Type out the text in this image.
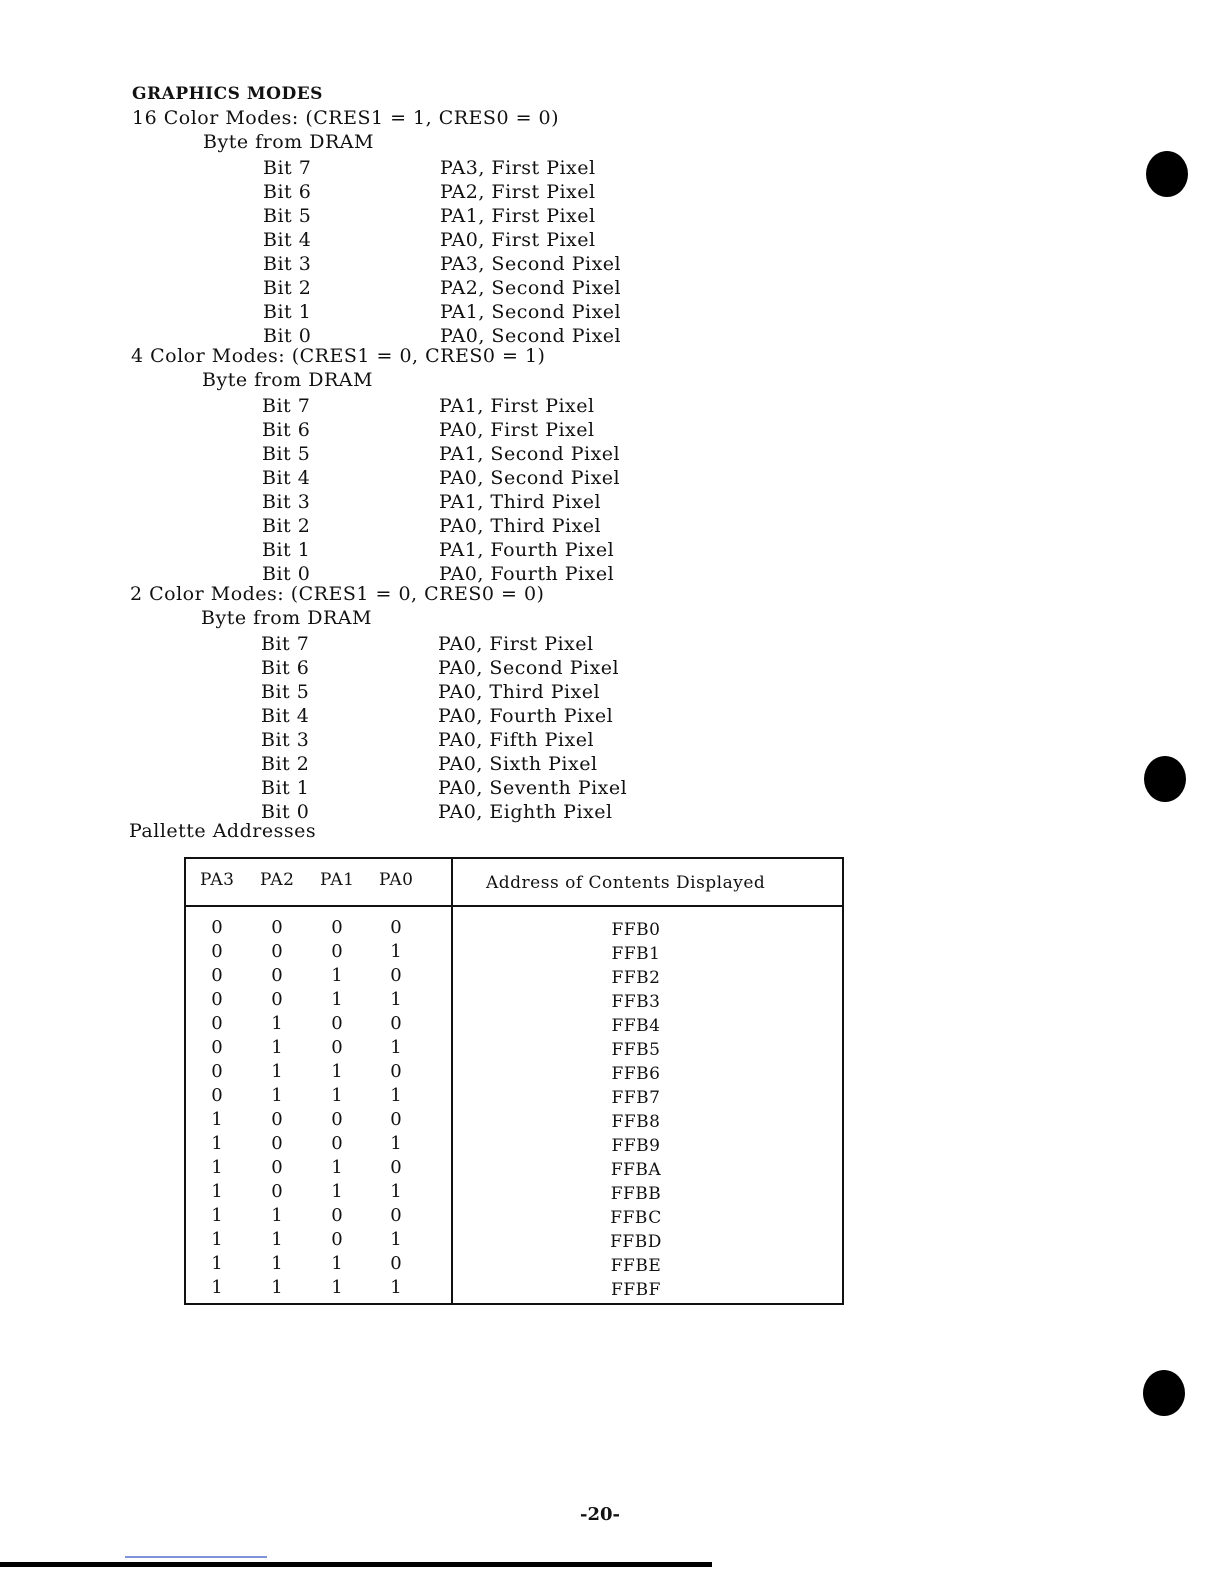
GRAPHICS MODES
16 Color Modes: (CRES1 = 1, CRES0 = 0)
Byte from DRAM
Bit 7	PA3, First Pixel
Bit 6	PA2, First Pixel
Bit 5	PA1, First Pixel
Bit 4	PA0, First Pixel
Bit 3	PA3, Second Pixel
Bit 2	PA2, Second Pixel
Bit 1	PA1, Second Pixel
Bit 0	PA0, Second Pixel
4 Color Modes: (CRES1 = 0, CRES0 = 1)
Byte from DRAM
Bit 7	PA1, First Pixel
Bit 6	PA0, First Pixel
Bit 5	PA1, Second Pixel
Bit 4	PA0, Second Pixel
Bit 3	PA1, Third Pixel
Bit 2	PA0, Third Pixel
Bit 1	PA1, Fourth Pixel
Bit 0	PA0, Fourth Pixel
2 Color Modes: (CRES1 = 0, CRES0 = 0)
Byte from DRAM
Bit 7	PA0, First Pixel
Bit 6	PA0, Second Pixel
Bit 5	PA0, Third Pixel
Bit 4	PA0, Fourth Pixel
Bit 3	PA0, Fifth Pixel
Bit 2	PA0, Sixth Pixel
Bit 1	PA0, Seventh Pixel
Bit 0	PA0, Eighth Pixel
Pallette Addresses
PA3 PA2 PA1 PA0	Address of Contents Displayed
0	0	0	0	FFB0
0	0	0	1	FFB1
0	0	1	0	FFB2
0	0	1	1	FFB3
0	1	0	0	FFB4
0	1	0	1	FFB5
0	1	1	0	FFB6
0	1	1	1	FFB7
1	0	0	0	FFB8
1	0	0	1	FFB9
1	0	1	0	FFBA
1	0	1	1	FFBB
1	1	0	0	FFBC
1	1	0	1	FFBD
1	1	1	0	FFBE
1	1	1	1	FFBF
-20-
